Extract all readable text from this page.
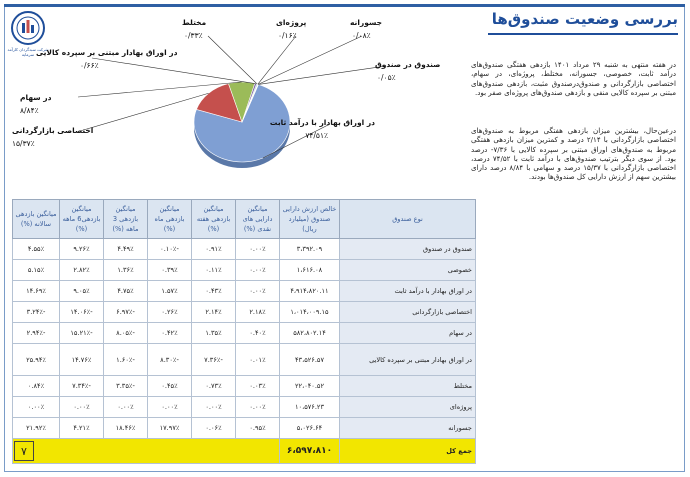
شرکت سبدگردان کارآمد سرمایه
بررسی وضعیت صندوق‌ها

در هفته منتهی به شنبه ۲۹ مرداد ۱۴۰۱ بازدهی هفتگی صندوق‌های درآمد ثابت، خصوصی، جسورانه، مختلط، پروژه‌ای، در سهام، اختصاصی بازارگردانی و صندوق‌درصندوق مثبت، بازدهی صندوق‌های مبتنی بر سپرده کالایی منفی و بازدهی صندوق‌های پروژه‌ای صفر بود.

درعین‌حال، بیشترین میزان بازدهی هفتگی مربوط به صندوق‌های اختصاصی بازارگردانی با ۲/۱۴ درصد و کمترین میزان بازدهی هفتگی مربوط به صندوق‌های اوراق مبتنی بر سپرده کالایی با ۷/۳۶- درصد بود. از سوی دیگر بترتیب صندوق‌های با درآمد ثابت با ۷۴/۵۲ درصد، اختصاصی بازارگردانی با ۱۵/۳۷ درصد و سهامی با ۸/۸۴ درصد دارای بیشترین سهم از ارزش دارایی کل صندوق‌ها بودند.

در اوراق بهادار با درآمد ثابت
۷۴/۵۱٪
اختصاصی بازارگردانی
۱۵/۳۷٪
در سهام
۸/۸۴٪
در اوراق بهادار مبتنی بر سپرده کالایی
۰/۶۶٪
مختلط
۰/۳۳٪
پروژه‌ای
۰/۱۶٪
جسورانه
۰/۰۸٪
صندوق در صندوق
۰/۰۵٪
نوع صندوق	خالص ارزش دارایی صندوق (میلیارد ریال)	میانگین دارایی های نقدی (%)	میانگین بازدهی هفته (%)	میانگین بازدهی ماه (%)	میانگین بازدهی 3 ماهه (%)	میانگین بازدهی6 ماهه (%)	میانگین بازدهی سالانه (%)
صندوق در صندوق	۳،۳۹۲.۰۹	۰.۰۰٪	۰.۹۱٪	-۰.۱۰٪	۴.۴۹٪	۹.۲۶٪	۴.۵۵٪
خصوصی	۱،۶۱۶.۰۸	۰.۰۰٪	۰.۱۱٪	۰.۳۹٪	۱.۳۶٪	۲.۸۲٪	۵.۱۵٪
در اوراق بهادار با درآمد ثابت	۴،۹۱۴،۸۲۰.۱۱	۰.۰۰٪	۰.۴۳٪	۱.۵۷٪	۴.۷۵٪	۹.۰۵٪	۱۴.۶۹٪
اختصاصی بازارگردانی	۱،۰۱۴،۰۰۹.۱۵	۲.۱۸٪	۲.۱۴٪	۰.۲۶٪	-۶.۹۷٪	-۱۴.۰۶٪	-۳.۲۴٪
در سهام	۵۸۲،۸۰۲.۱۴	۰.۴۰٪	۱.۳۵٪	۰.۴۲٪	-۸.۰۵٪	-۱۵.۲۱٪	-۲.۹۴٪
در اوراق بهادار مبتنی بر سپرده کالایی	۴۳،۵۲۶.۵۷	۰.۰۱٪	-۷.۳۶٪	-۸.۳۰٪	-۱.۶۰٪	۱۴.۷۶٪	۲۵.۹۴٪
مختلط	۲۲،۰۴۰.۵۲	۰.۰۳٪	۰.۷۳٪	۰.۴۵٪	-۳.۳۵٪	-۷.۳۴٪	۰.۸۴٪
پروژه‌ای	۱۰،۵۷۶.۲۳	۰.۰۰٪	۰.۰۰٪	۰.۰۰٪	۰.۰۰٪	۰.۰۰٪	۰.۰۰٪
جسورانه	۵،۰۲۶.۶۴	۰.۹۵٪	۰.۰۶٪	۱۷.۹۷٪	۱۸.۴۶٪	۴.۲۱٪	۲۱.۹۲٪
جمع کل	۶،۵۹۷،۸۱۰						
۷
